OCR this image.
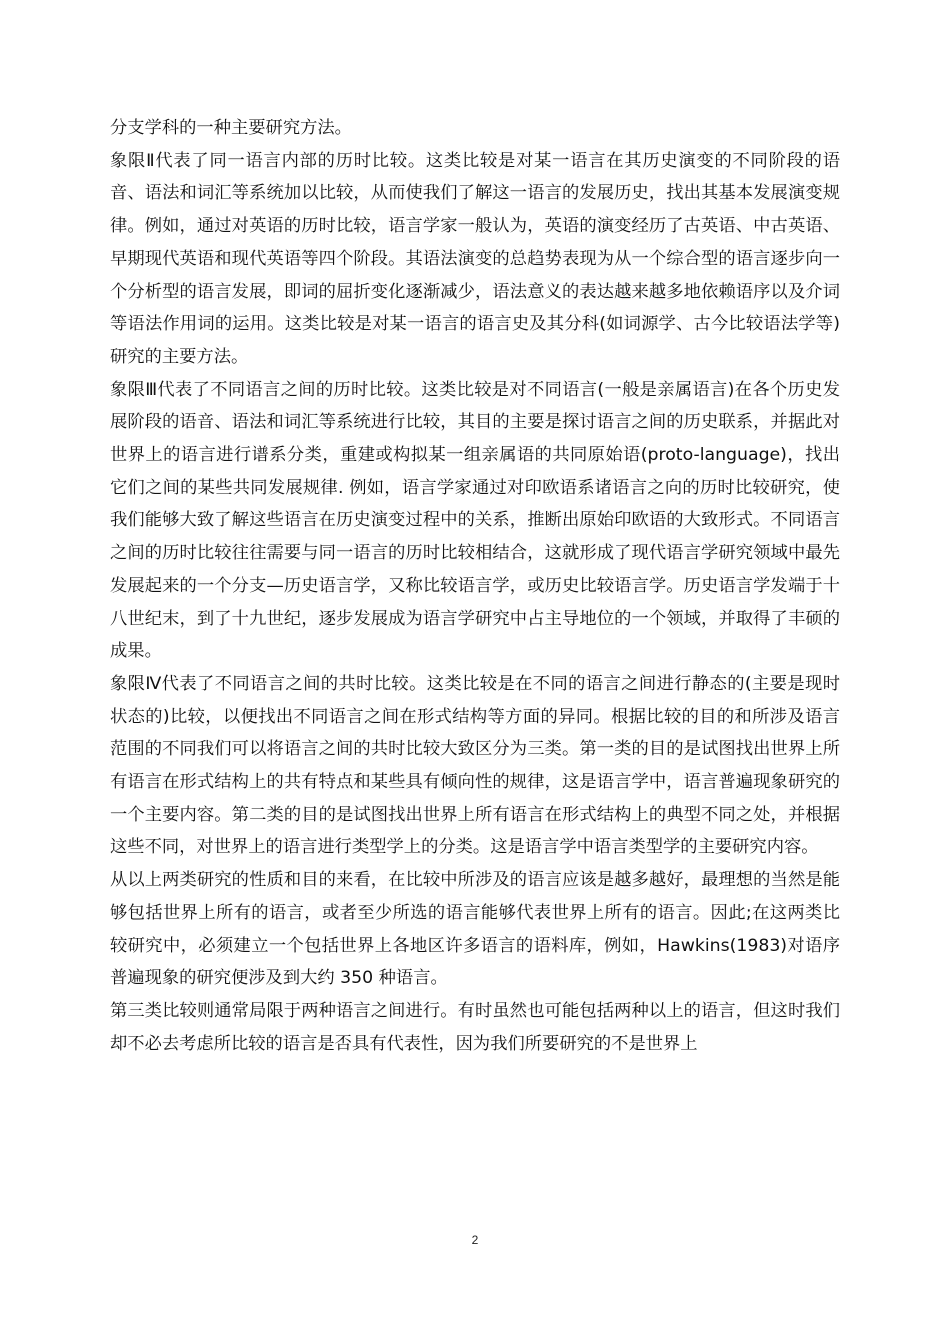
分支学科的一种主要研究方法。

象限Ⅱ代表了同一语言内部的历时比较。这类比较是对某一语言在其历史演变的不同阶段的语音、语法和词汇等系统加以比较，从而使我们了解这一语言的发展历史，找出其基本发展演变规律。例如，通过对英语的历时比较，语言学家一般认为，英语的演变经历了古英语、中古英语、早期现代英语和现代英语等四个阶段。其语法演变的总趋势表现为从一个综合型的语言逐步向一个分析型的语言发展，即词的屈折变化逐渐减少，语法意义的表达越来越多地依赖语序以及介词等语法作用词的运用。这类比较是对某一语言的语言史及其分科(如词源学、古今比较语法学等)研究的主要方法。

象限Ⅲ代表了不同语言之间的历时比较。这类比较是对不同语言(一般是亲属语言)在各个历史发展阶段的语音、语法和词汇等系统进行比较，其目的主要是探讨语言之间的历史联系，并据此对世界上的语言进行谱系分类，重建或构拟某一组亲属语的共同原始语(proto-language)，找出它们之间的某些共同发展规律. 例如，语言学家通过对印欧语系诸语言之向的历时比较研究，使我们能够大致了解这些语言在历史演变过程中的关系，推断出原始印欧语的大致形式。不同语言之间的历时比较往往需要与同一语言的历时比较相结合，这就形成了现代语言学研究领域中最先发展起来的一个分支—历史语言学，又称比较语言学，或历史比较语言学。历史语言学发端于十八世纪末，到了十九世纪，逐步发展成为语言学研究中占主导地位的一个领域，并取得了丰硕的成果。

象限Ⅳ代表了不同语言之间的共时比较。这类比较是在不同的语言之间进行静态的(主要是现时状态的)比较，以便找出不同语言之间在形式结构等方面的异同。根据比较的目的和所涉及语言范围的不同我们可以将语言之间的共时比较大致区分为三类。第一类的目的是试图找出世界上所有语言在形式结构上的共有特点和某些具有倾向性的规律，这是语言学中，语言普遍现象研究的一个主要内容。第二类的目的是试图找出世界上所有语言在形式结构上的典型不同之处，并根据这些不同，对世界上的语言进行类型学上的分类。这是语言学中语言类型学的主要研究内容。

从以上两类研究的性质和目的来看，在比较中所涉及的语言应该是越多越好，最理想的当然是能够包括世界上所有的语言，或者至少所选的语言能够代表世界上所有的语言。因此;在这两类比较研究中，必须建立一个包括世界上各地区许多语言的语料库，例如，Hawkins(1983)对语序普遍现象的研究便涉及到大约 350 种语言。

第三类比较则通常局限于两种语言之间进行。有时虽然也可能包括两种以上的语言，但这时我们却不必去考虑所比较的语言是否具有代表性，因为我们所要研究的不是世界上

2
